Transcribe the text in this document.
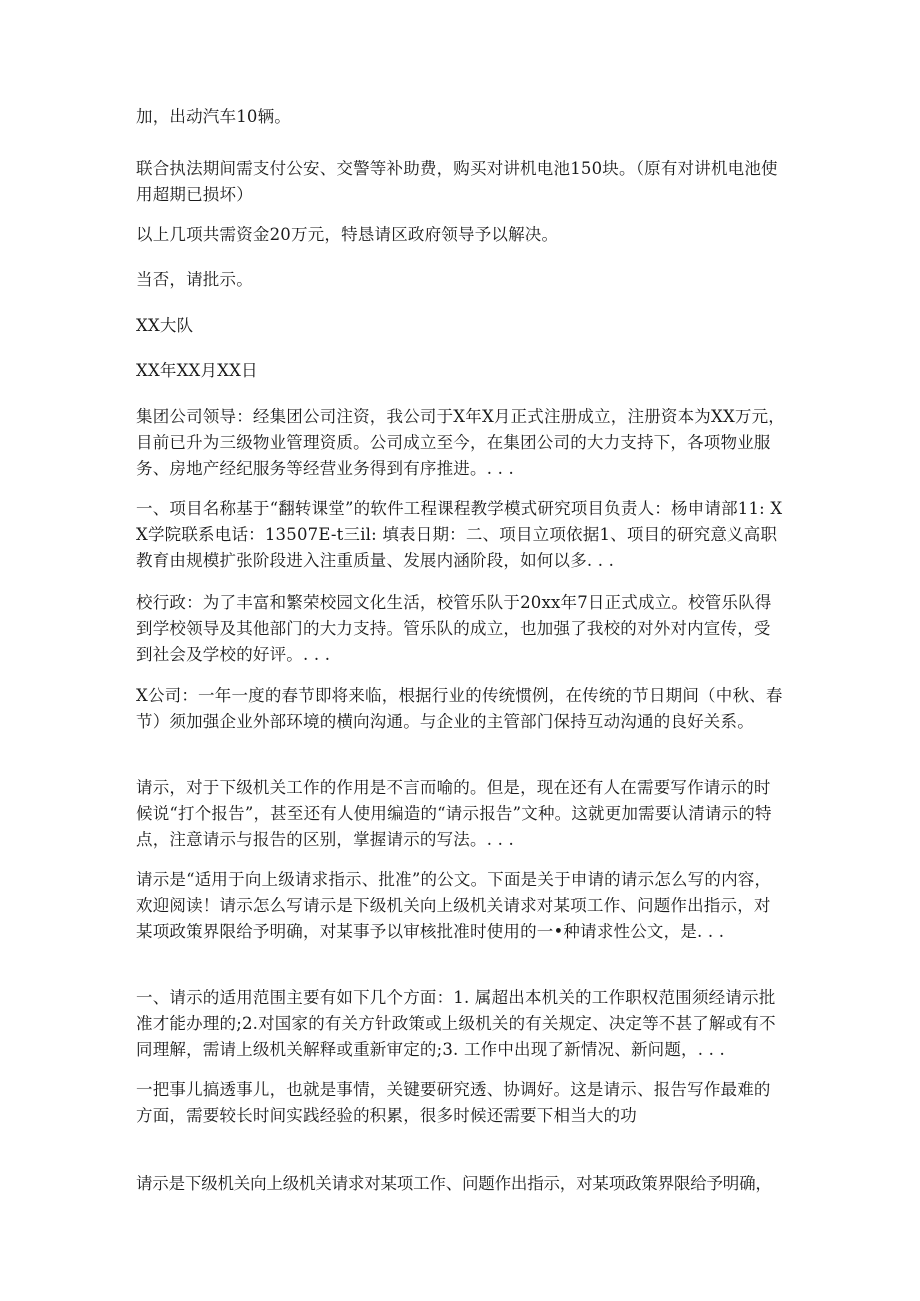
加，出动汽车10辆。

联合执法期间需支付公安、交警等补助费，购买对讲机电池150块。（原有对讲机电池使用超期已损坏）

以上几项共需资金20万元，特恳请区政府领导予以解决。

当否，请批示。

XX大队

XX年XX月XX日

集团公司领导：经集团公司注资，我公司于X年X月正式注册成立，注册资本为XX万元，目前已升为三级物业管理资质。公司成立至今，在集团公司的大力支持下，各项物业服务、房地产经纪服务等经营业务得到有序推进。. . .

一、项目名称基于“翻转课堂”的软件工程课程教学模式研究项目负责人：杨申请部11: XX学院联系电话：13507E-t三il: 填表日期：二、项目立项依据1、项目的研究意义高职教育由规模扩张阶段进入注重质量、发展内涵阶段，如何以多. . .

校行政：为了丰富和繁荣校园文化生活，校管乐队于20xx年7日正式成立。校管乐队得到学校领导及其他部门的大力支持。管乐队的成立，也加强了我校的对外对内宣传，受到社会及学校的好评。. . .

X公司：一年一度的春节即将来临，根据行业的传统惯例，在传统的节日期间（中秋、春节）须加强企业外部环境的横向沟通。与企业的主管部门保持互动沟通的良好关系。

请示，对于下级机关工作的作用是不言而喻的。但是，现在还有人在需要写作请示的时候说“打个报告”，甚至还有人使用编造的“请示报告”文种。这就更加需要认清请示的特点，注意请示与报告的区别，掌握请示的写法。. . .

请示是“适用于向上级请求指示、批准”的公文。下面是关于申请的请示怎么写的内容，欢迎阅读！请示怎么写请示是下级机关向上级机关请求对某项工作、问题作出指示，对某项政策界限给予明确，对某事予以审核批准时使用的一•种请求性公文，是. . .

一、请示的适用范围主要有如下几个方面：1. 属超出本机关的工作职权范围须经请示批准才能办理的;2.对国家的有关方针政策或上级机关的有关规定、决定等不甚了解或有不同理解，需请上级机关解释或重新审定的;3. 工作中出现了新情况、新问题，. . .

一把事儿搞透事儿，也就是事情，关键要研究透、协调好。这是请示、报告写作最难的方面，需要较长时间实践经验的积累，很多时候还需要下相当大的功

请示是下级机关向上级机关请求对某项工作、问题作出指示，对某项政策界限给予明确，
